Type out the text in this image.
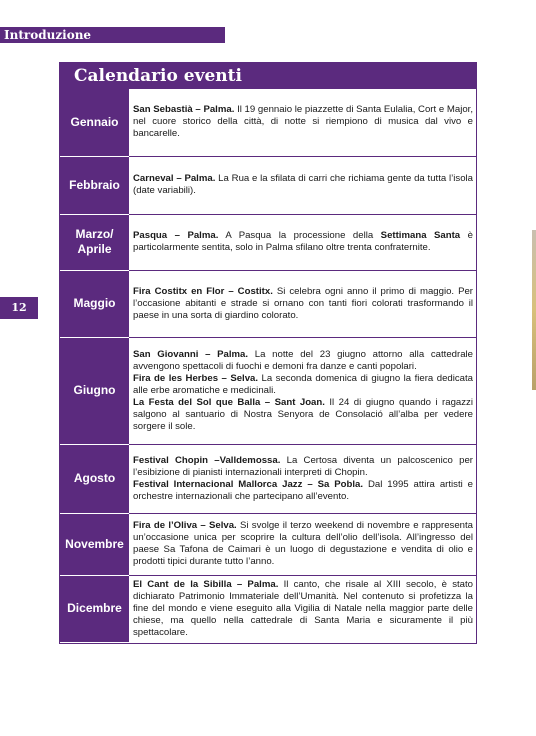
Introduzione
12
Calendario eventi
Gennaio	San Sebastià – Palma. Il 19 gennaio le piazzette di Santa Eulalia, Cort e Major, nel cuore storico della città, di notte si riempiono di musica dal vivo e bancarelle.

Febbraio	Carneval – Palma. La Rua e la sfilata di carri che richiama gente da tutta l’isola (date variabili).

Marzo/ Aprile	Pasqua – Palma. A Pasqua la processione della Settimana Santa è particolarmente sentita, solo in Palma sfilano oltre trenta confraternite.

Maggio	Fira Costitx en Flor – Costitx. Si celebra ogni anno il primo di maggio. Per l’occasione abitanti e strade si ornano con tanti fiori colorati trasformando il paese in una sorta di giardino colorato.

Giugno	San Giovanni – Palma. La notte del 23 giugno attorno alla cattedrale avvengono spettacoli di fuochi e demoni fra danze e canti popolari.
Fira de les Herbes – Selva. La seconda domenica di giugno la fiera dedicata alle erbe aromatiche e medicinali.
La Festa del Sol que Balla – Sant Joan. Il 24 di giugno quando i ragazzi salgono al santuario di Nostra Senyora de Consolació all’alba per vedere sorgere il sole.

Agosto	Festival Chopin –Valldemossa. La Certosa diventa un palcoscenico per l’esibizione di pianisti internazionali interpreti di Chopin.
Festival Internacional Mallorca Jazz – Sa Pobla. Dal 1995 attira artisti e orchestre internazionali che partecipano all’evento.

Novembre	Fira de l’Oliva – Selva. Si svolge il terzo weekend di novembre e rappresenta un’occasione unica per scoprire la cultura dell’olio dell’isola. All’ingresso del paese Sa Tafona de Caimari è un luogo di degustazione e vendita di olio e prodotti tipici durante tutto l’anno.

Dicembre	El Cant de la Sibilla – Palma. Il canto, che risale al XIII secolo, è stato dichiarato Patrimonio Immateriale dell’Umanità. Nel contenuto si profetizza la fine del mondo e viene eseguito alla Vigilia di Natale nella maggior parte delle chiese, ma quello nella cattedrale di Santa Maria e sicuramente il più spettacolare.
